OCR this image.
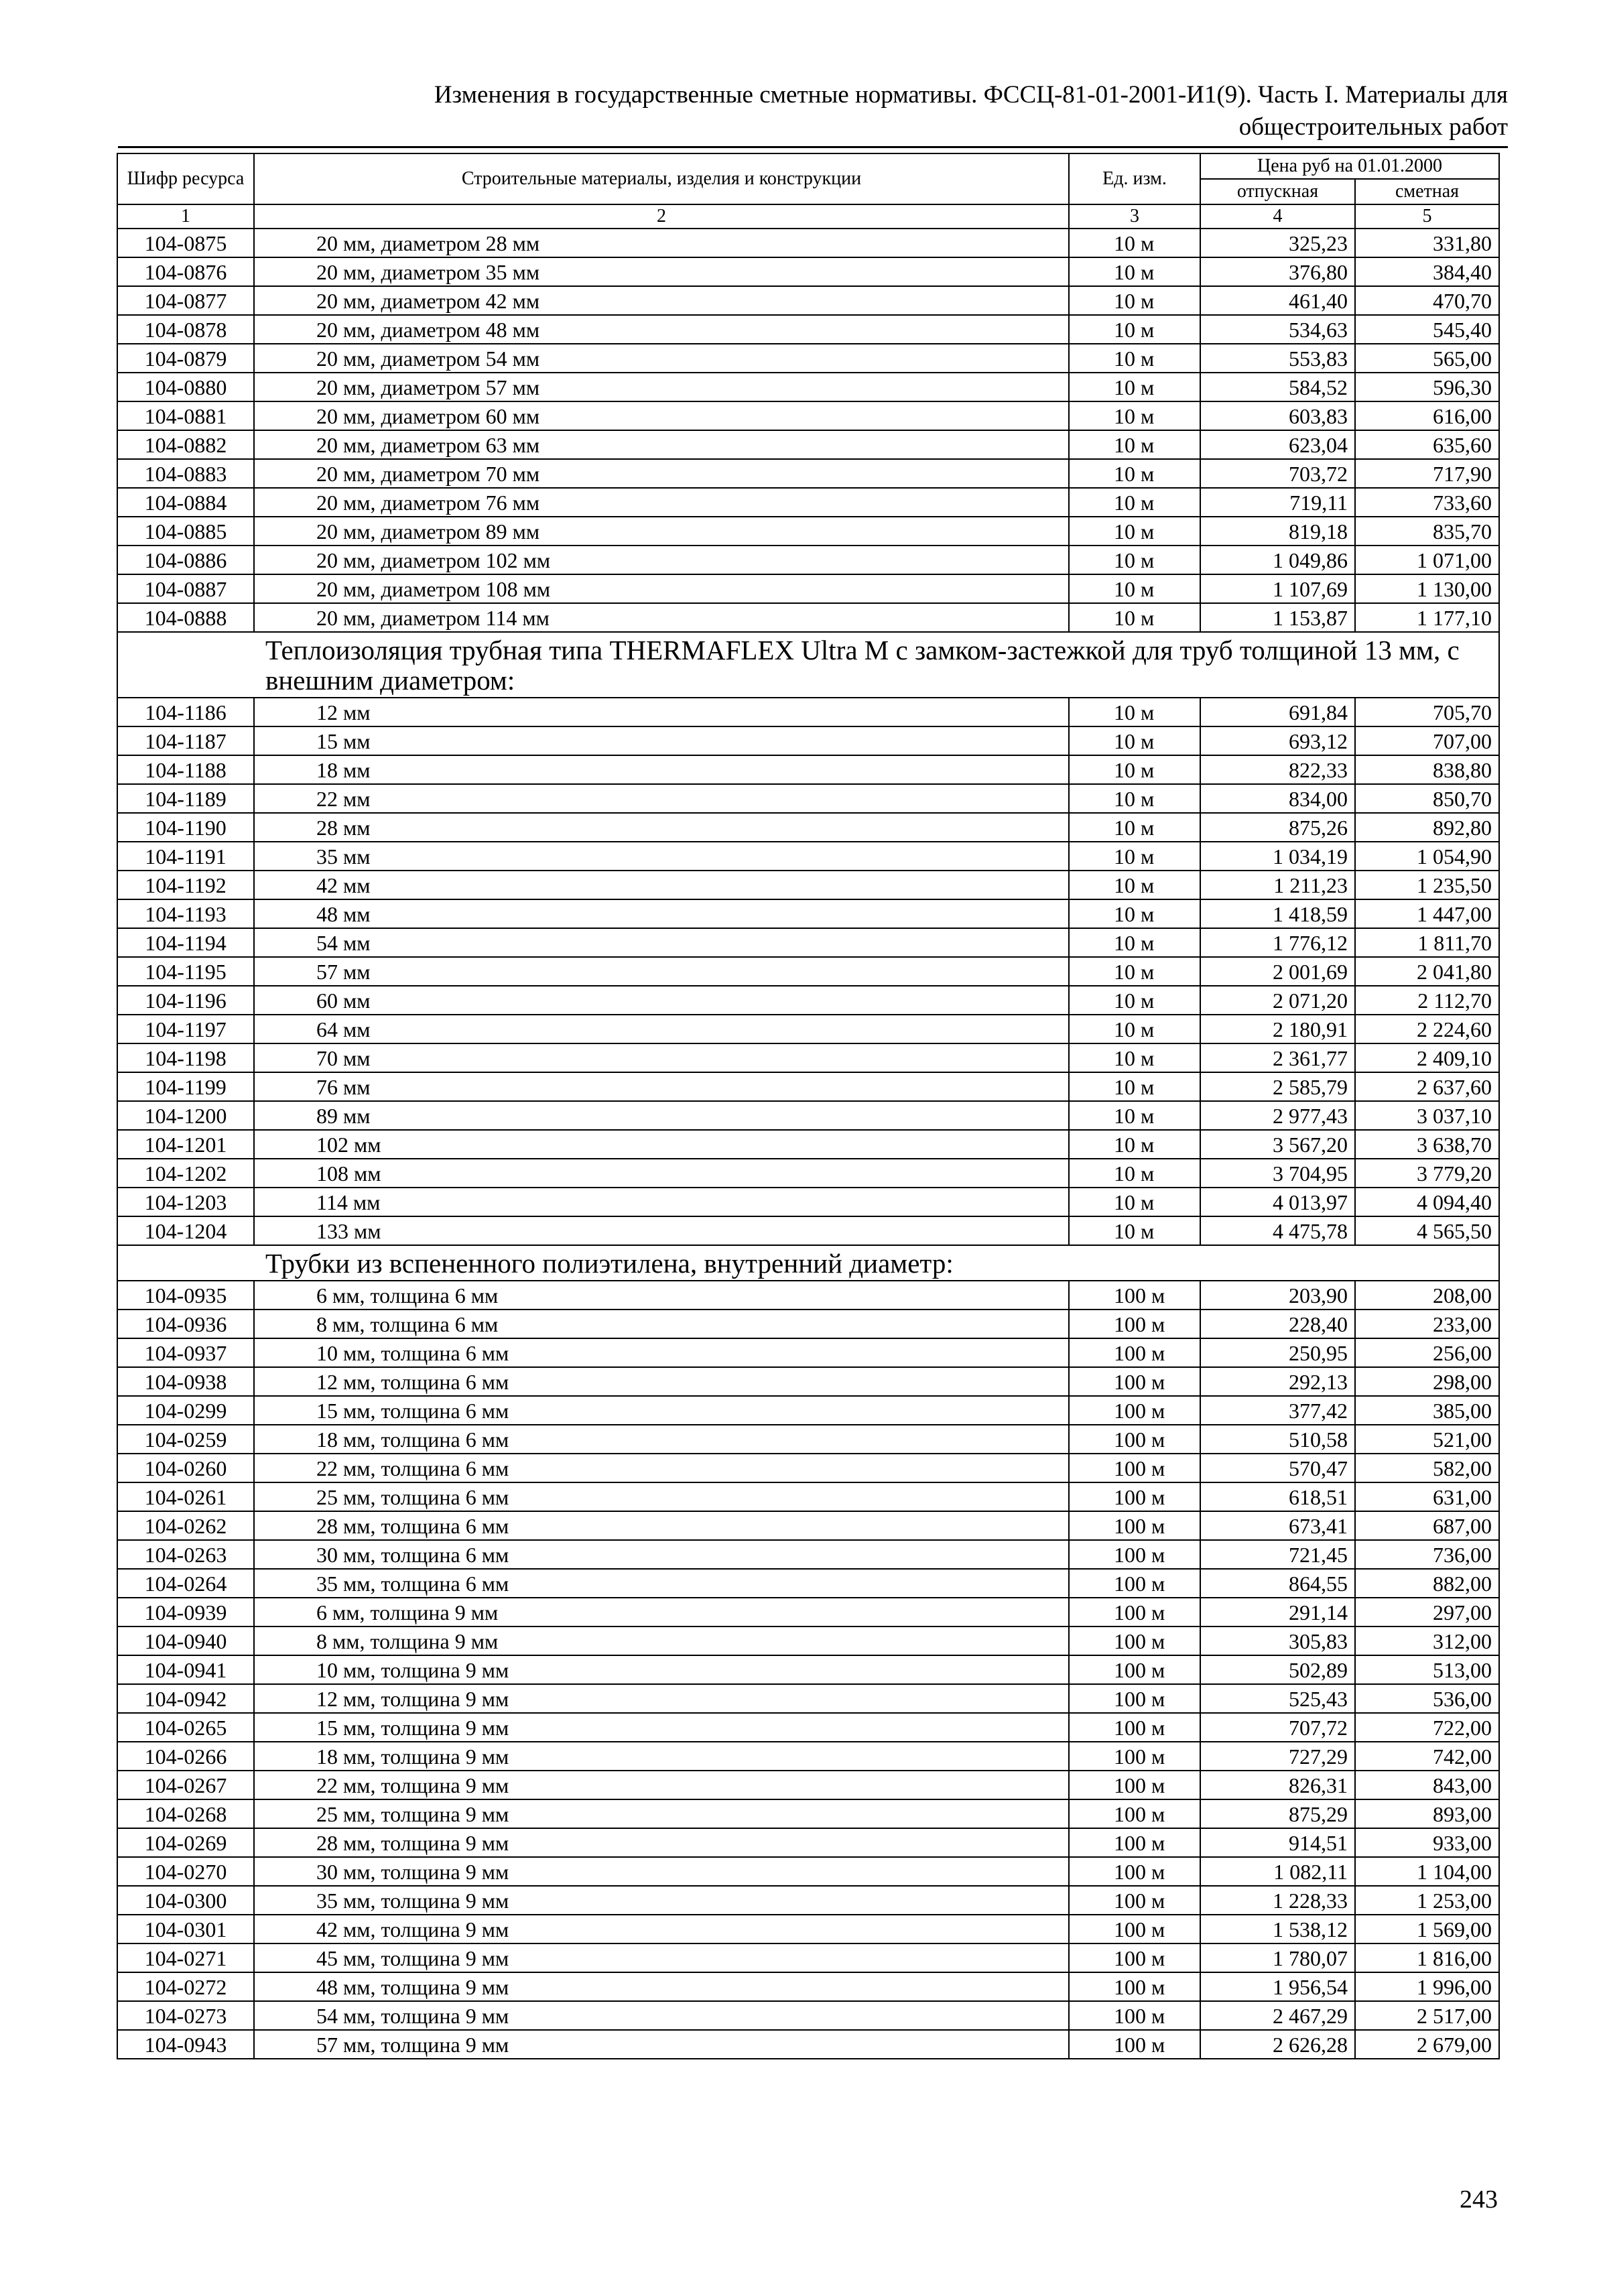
Изменения в государственные сметные нормативы. ФССЦ-81-01-2001-И1(9). Часть I. Материалы для
общестроительных работ
Шифр ресурса	Строительные материалы, изделия и конструкции	Ед. изм.	Цена руб на 01.01.2000	
			отпускная	сметная
1	2	3	4	5
104-0875	20 мм, диаметром 28 мм	10 м	325,23	331,80
104-0876	20 мм, диаметром 35 мм	10 м	376,80	384,40
104-0877	20 мм, диаметром 42 мм	10 м	461,40	470,70
104-0878	20 мм, диаметром 48 мм	10 м	534,63	545,40
104-0879	20 мм, диаметром 54 мм	10 м	553,83	565,00
104-0880	20 мм, диаметром 57 мм	10 м	584,52	596,30
104-0881	20 мм, диаметром 60 мм	10 м	603,83	616,00
104-0882	20 мм, диаметром 63 мм	10 м	623,04	635,60
104-0883	20 мм, диаметром 70 мм	10 м	703,72	717,90
104-0884	20 мм, диаметром 76 мм	10 м	719,11	733,60
104-0885	20 мм, диаметром 89 мм	10 м	819,18	835,70
104-0886	20 мм, диаметром 102 мм	10 м	1 049,86	1 071,00
104-0887	20 мм, диаметром 108 мм	10 м	1 107,69	1 130,00
104-0888	20 мм, диаметром 114 мм	10 м	1 153,87	1 177,10
Теплоизоляция трубная типа THERMAFLEX Ultra M с замком-застежкой для труб толщиной 13 мм, с внешним диаметром:				
104-1186	12 мм	10 м	691,84	705,70
104-1187	15 мм	10 м	693,12	707,00
104-1188	18 мм	10 м	822,33	838,80
104-1189	22 мм	10 м	834,00	850,70
104-1190	28 мм	10 м	875,26	892,80
104-1191	35 мм	10 м	1 034,19	1 054,90
104-1192	42 мм	10 м	1 211,23	1 235,50
104-1193	48 мм	10 м	1 418,59	1 447,00
104-1194	54 мм	10 м	1 776,12	1 811,70
104-1195	57 мм	10 м	2 001,69	2 041,80
104-1196	60 мм	10 м	2 071,20	2 112,70
104-1197	64 мм	10 м	2 180,91	2 224,60
104-1198	70 мм	10 м	2 361,77	2 409,10
104-1199	76 мм	10 м	2 585,79	2 637,60
104-1200	89 мм	10 м	2 977,43	3 037,10
104-1201	102 мм	10 м	3 567,20	3 638,70
104-1202	108 мм	10 м	3 704,95	3 779,20
104-1203	114 мм	10 м	4 013,97	4 094,40
104-1204	133 мм	10 м	4 475,78	4 565,50
Трубки из вспененного полиэтилена, внутренний диаметр:				
104-0935	6 мм, толщина 6 мм	100 м	203,90	208,00
104-0936	8 мм, толщина 6 мм	100 м	228,40	233,00
104-0937	10 мм, толщина 6 мм	100 м	250,95	256,00
104-0938	12 мм, толщина 6 мм	100 м	292,13	298,00
104-0299	15 мм, толщина 6 мм	100 м	377,42	385,00
104-0259	18 мм, толщина 6 мм	100 м	510,58	521,00
104-0260	22 мм, толщина 6 мм	100 м	570,47	582,00
104-0261	25 мм, толщина 6 мм	100 м	618,51	631,00
104-0262	28 мм, толщина 6 мм	100 м	673,41	687,00
104-0263	30 мм, толщина 6 мм	100 м	721,45	736,00
104-0264	35 мм, толщина 6 мм	100 м	864,55	882,00
104-0939	6 мм, толщина 9 мм	100 м	291,14	297,00
104-0940	8 мм, толщина 9 мм	100 м	305,83	312,00
104-0941	10 мм, толщина 9 мм	100 м	502,89	513,00
104-0942	12 мм, толщина 9 мм	100 м	525,43	536,00
104-0265	15 мм, толщина 9 мм	100 м	707,72	722,00
104-0266	18 мм, толщина 9 мм	100 м	727,29	742,00
104-0267	22 мм, толщина 9 мм	100 м	826,31	843,00
104-0268	25 мм, толщина 9 мм	100 м	875,29	893,00
104-0269	28 мм, толщина 9 мм	100 м	914,51	933,00
104-0270	30 мм, толщина 9 мм	100 м	1 082,11	1 104,00
104-0300	35 мм, толщина 9 мм	100 м	1 228,33	1 253,00
104-0301	42 мм, толщина 9 мм	100 м	1 538,12	1 569,00
104-0271	45 мм, толщина 9 мм	100 м	1 780,07	1 816,00
104-0272	48 мм, толщина 9 мм	100 м	1 956,54	1 996,00
104-0273	54 мм, толщина 9 мм	100 м	2 467,29	2 517,00
104-0943	57 мм, толщина 9 мм	100 м	2 626,28	2 679,00
243
